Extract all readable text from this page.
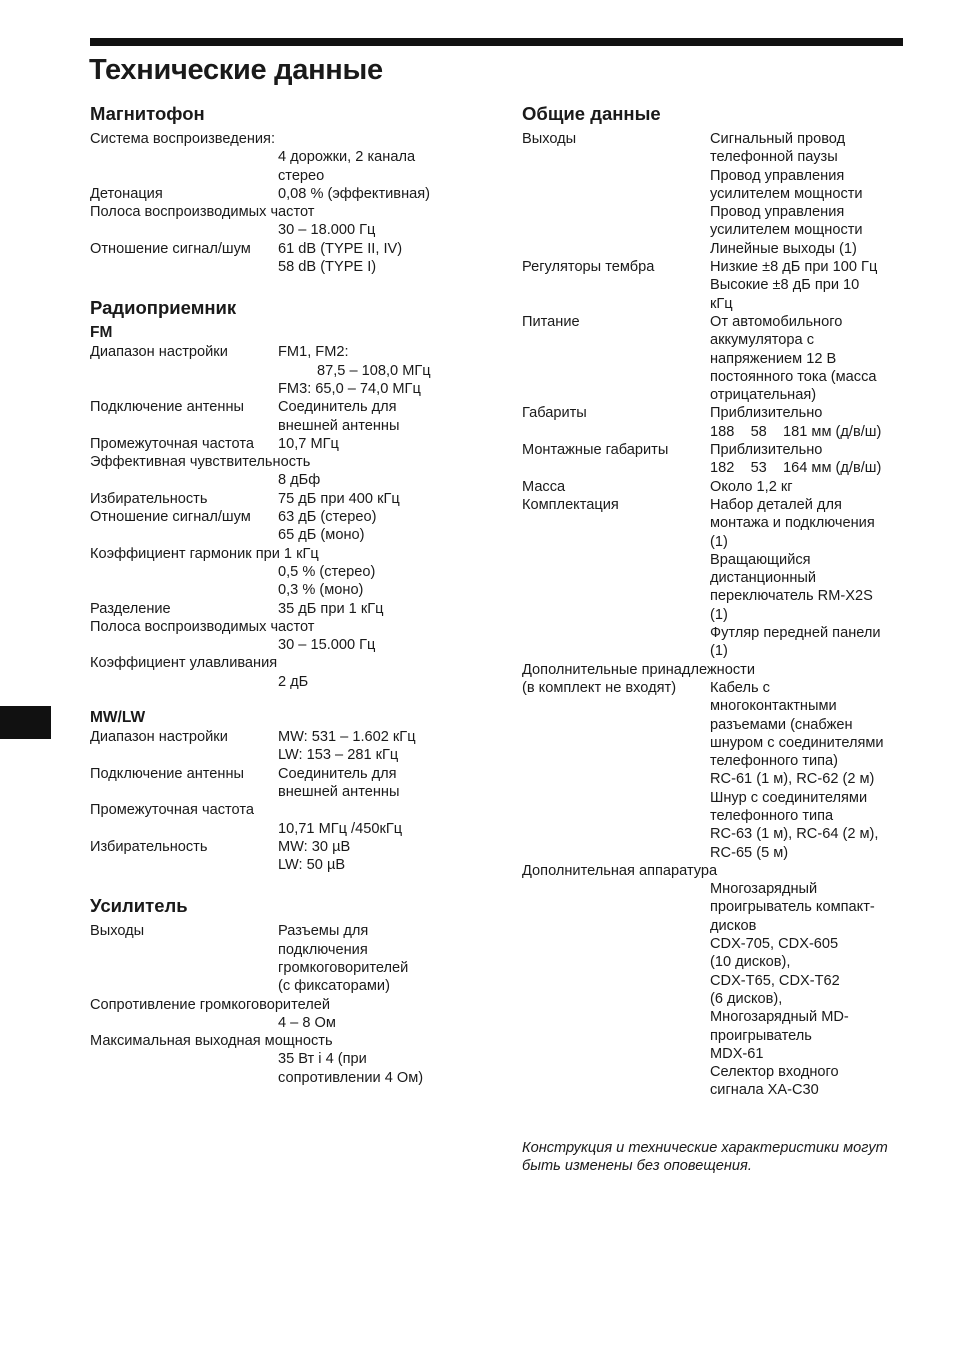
Технические данные
Магнитофон
Система воспроизведения:
4 дорожки, 2 канала
стерео
Детонация	0,08 % (эффективная)
Полоса воспроизводимых частот
30 – 18.000 Гц
Отношение сигнал/шум	61 dB (TYPE II, IV)
58 dB (TYPE I)
Радиоприемник
FM
Диапазон настройки	FM1, FM2:
87,5 – 108,0 МГц
FM3: 65,0 – 74,0 МГц
Подключение антенны	Соединитель для
внешней антенны
Промежуточная частота	10,7 МГц
Эффективная чувствительность
8 дБф
Избирательность	75 дБ при 400 кГц
Отношение сигнал/шум	63 дБ (стерео)
65 дБ (моно)
Коэффициент гармоник при 1 кГц
0,5 % (стерео)
0,3 % (моно)
Разделение	35 дБ при 1 кГц
Полоса воспроизводимых частот
30 – 15.000 Гц
Коэффициент улавливания
2 дБ
MW/LW
Диапазон настройки	MW: 531 – 1.602 кГц
LW: 153 – 281 кГц
Подключение антенны	Соединитель для
внешней антенны
Промежуточная частота
10,71 МГц /450кГц
Избирательность	MW: 30 µВ
LW: 50 µВ
Усилитель
Выходы	Разъемы для
подключения
громкоговорителей
(с фиксаторами)
Сопротивление громкоговорителей
4 – 8 Ом
Максимальная выходная мощность
35 Вт i 4 (при
сопротивлении 4 Ом)
Общие данные
Выходы	Сигнальный провод
телефонной паузы
Провод управления
усилителем мощности
Провод управления
усилителем мощности
Линейные выходы (1)
Регуляторы тембра	Низкие ±8 дБ при 100 Гц
Высокие ±8 дБ при 10
кГц
Питание	От автомобильного
аккумулятора с
напряжением 12 В
постоянного тока (масса
отрицательная)
Габариты	Приблизительно
188    58    181 мм (д/в/ш)
Монтажные габариты	Приблизительно
182    53    164 мм (д/в/ш)
Масса	Около 1,2 кг
Комплектация	Набор деталей для
монтажа и подключения
(1)
Вращающийся
дистанционный
переключатель RM-X2S
(1)
Футляр передней панели
(1)
Дополнительные принадлежности
(в комплект не входят)	Кабель с
многоконтактными
разъемами (снабжен
шнуром с соединителями
телефонного типа)
RC-61 (1 м), RC-62 (2 м)
Шнур с соединителями
телефонного типа
RC-63 (1 м), RC-64 (2 м),
RC-65 (5 м)
Дополнительная аппаратура
Многозарядный
проигрыватель компакт-
дисков
CDX-705, CDX-605
(10 дисков),
CDX-T65, CDX-T62
(6 дисков),
Многозарядный MD-
проигрыватель
MDX-61
Селектор входного
сигнала XA-C30
Конструкция и технические характеристики могут
быть изменены без оповещения.
